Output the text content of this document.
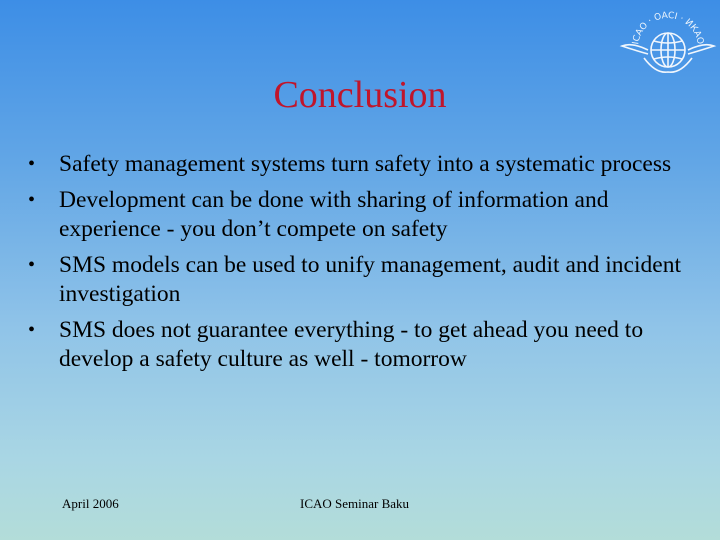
ICAO · OACI · ИКАО
Conclusion
• Safety management systems turn safety into a systematic process
• Development can be done with sharing of information and experience - you don’t compete on safety
• SMS models can be used to unify management, audit and incident investigation
• SMS does not guarantee everything - to get ahead you need to develop a safety culture as well - tomorrow
April 2006	ICAO Seminar Baku
